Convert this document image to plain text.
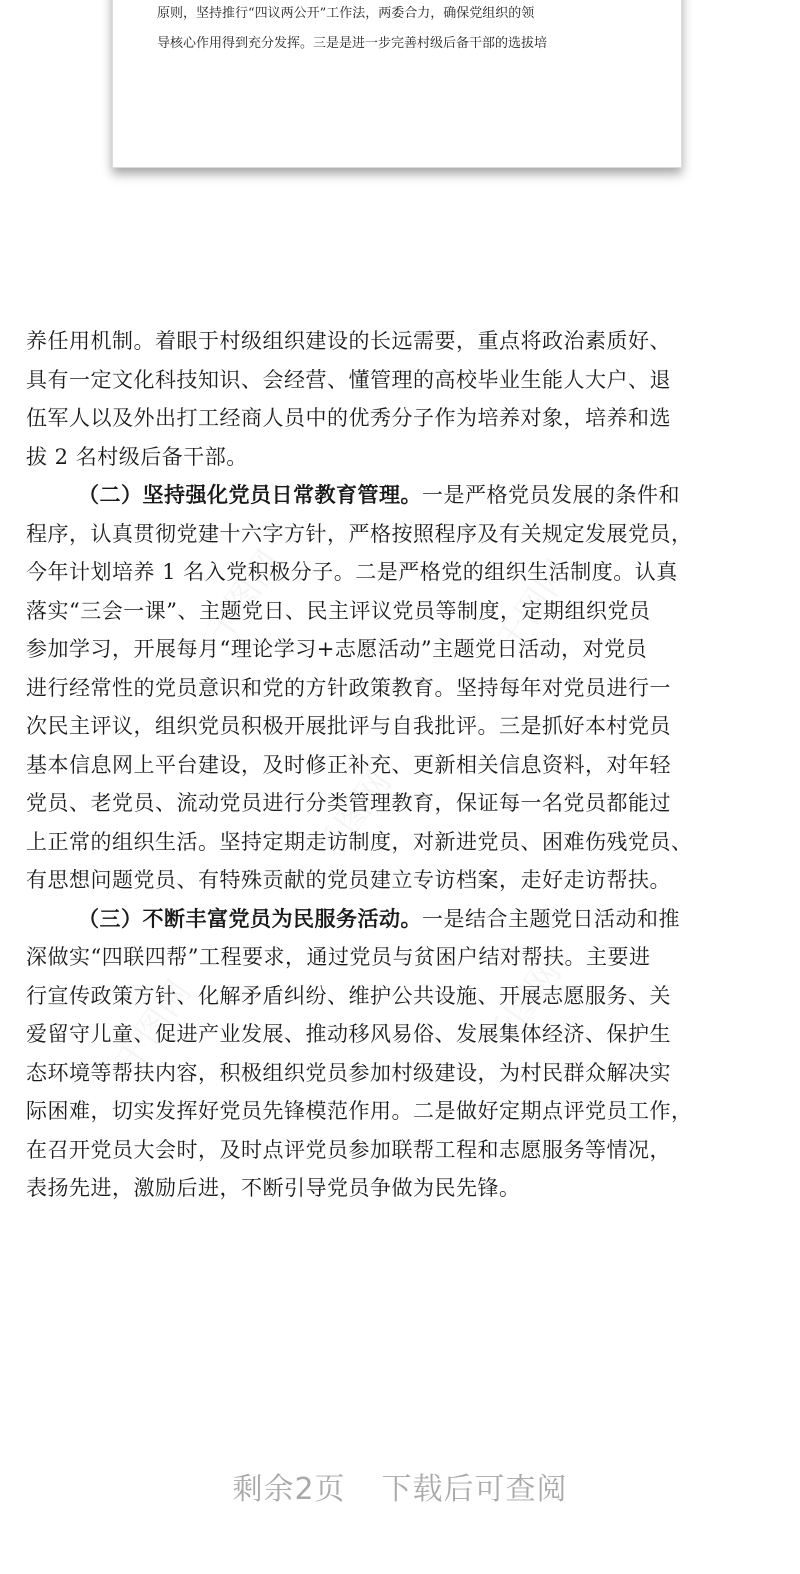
原则，坚持推行“四议两公开”工作法，两委合力，确保党组织的领
导核心作用得到充分发挥。三是是进一步完善村级后备干部的选拔培
养任用机制。着眼于村级组织建设的长远需要，重点将政治素质好、
具有一定文化科技知识、会经营、懂管理的高校毕业生能人大户、退
伍军人以及外出打工经商人员中的优秀分子作为培养对象，培养和选
拔 2 名村级后备干部。
（二）坚持强化党员日常教育管理。一是严格党员发展的条件和
程序，认真贯彻党建十六字方针，严格按照程序及有关规定发展党员，
今年计划培养 1 名入党积极分子。二是严格党的组织生活制度。认真
落实“三会一课”、主题党日、民主评议党员等制度，定期组织党员
参加学习，开展每月“理论学习+志愿活动”主题党日活动，对党员
进行经常性的党员意识和党的方针政策教育。坚持每年对党员进行一
次民主评议，组织党员积极开展批评与自我批评。三是抓好本村党员
基本信息网上平台建设，及时修正补充、更新相关信息资料，对年轻
党员、老党员、流动党员进行分类管理教育，保证每一名党员都能过
上正常的组织生活。坚持定期走访制度，对新进党员、困难伤残党员、
有思想问题党员、有特殊贡献的党员建立专访档案，走好走访帮扶。
（三）不断丰富党员为民服务活动。一是结合主题党日活动和推
深做实“四联四帮”工程要求，通过党员与贫困户结对帮扶。主要进
行宣传政策方针、化解矛盾纠纷、维护公共设施、开展志愿服务、关
爱留守儿童、促进产业发展、推动移风易俗、发展集体经济、保护生
态环境等帮扶内容，积极组织党员参加村级建设，为村民群众解决实
际困难，切实发挥好党员先锋模范作用。二是做好定期点评党员工作，
在召开党员大会时，及时点评党员参加联帮工程和志愿服务等情况，
表扬先进，激励后进，不断引导党员争做为民先锋。
剩余2页 下载后可查阅
